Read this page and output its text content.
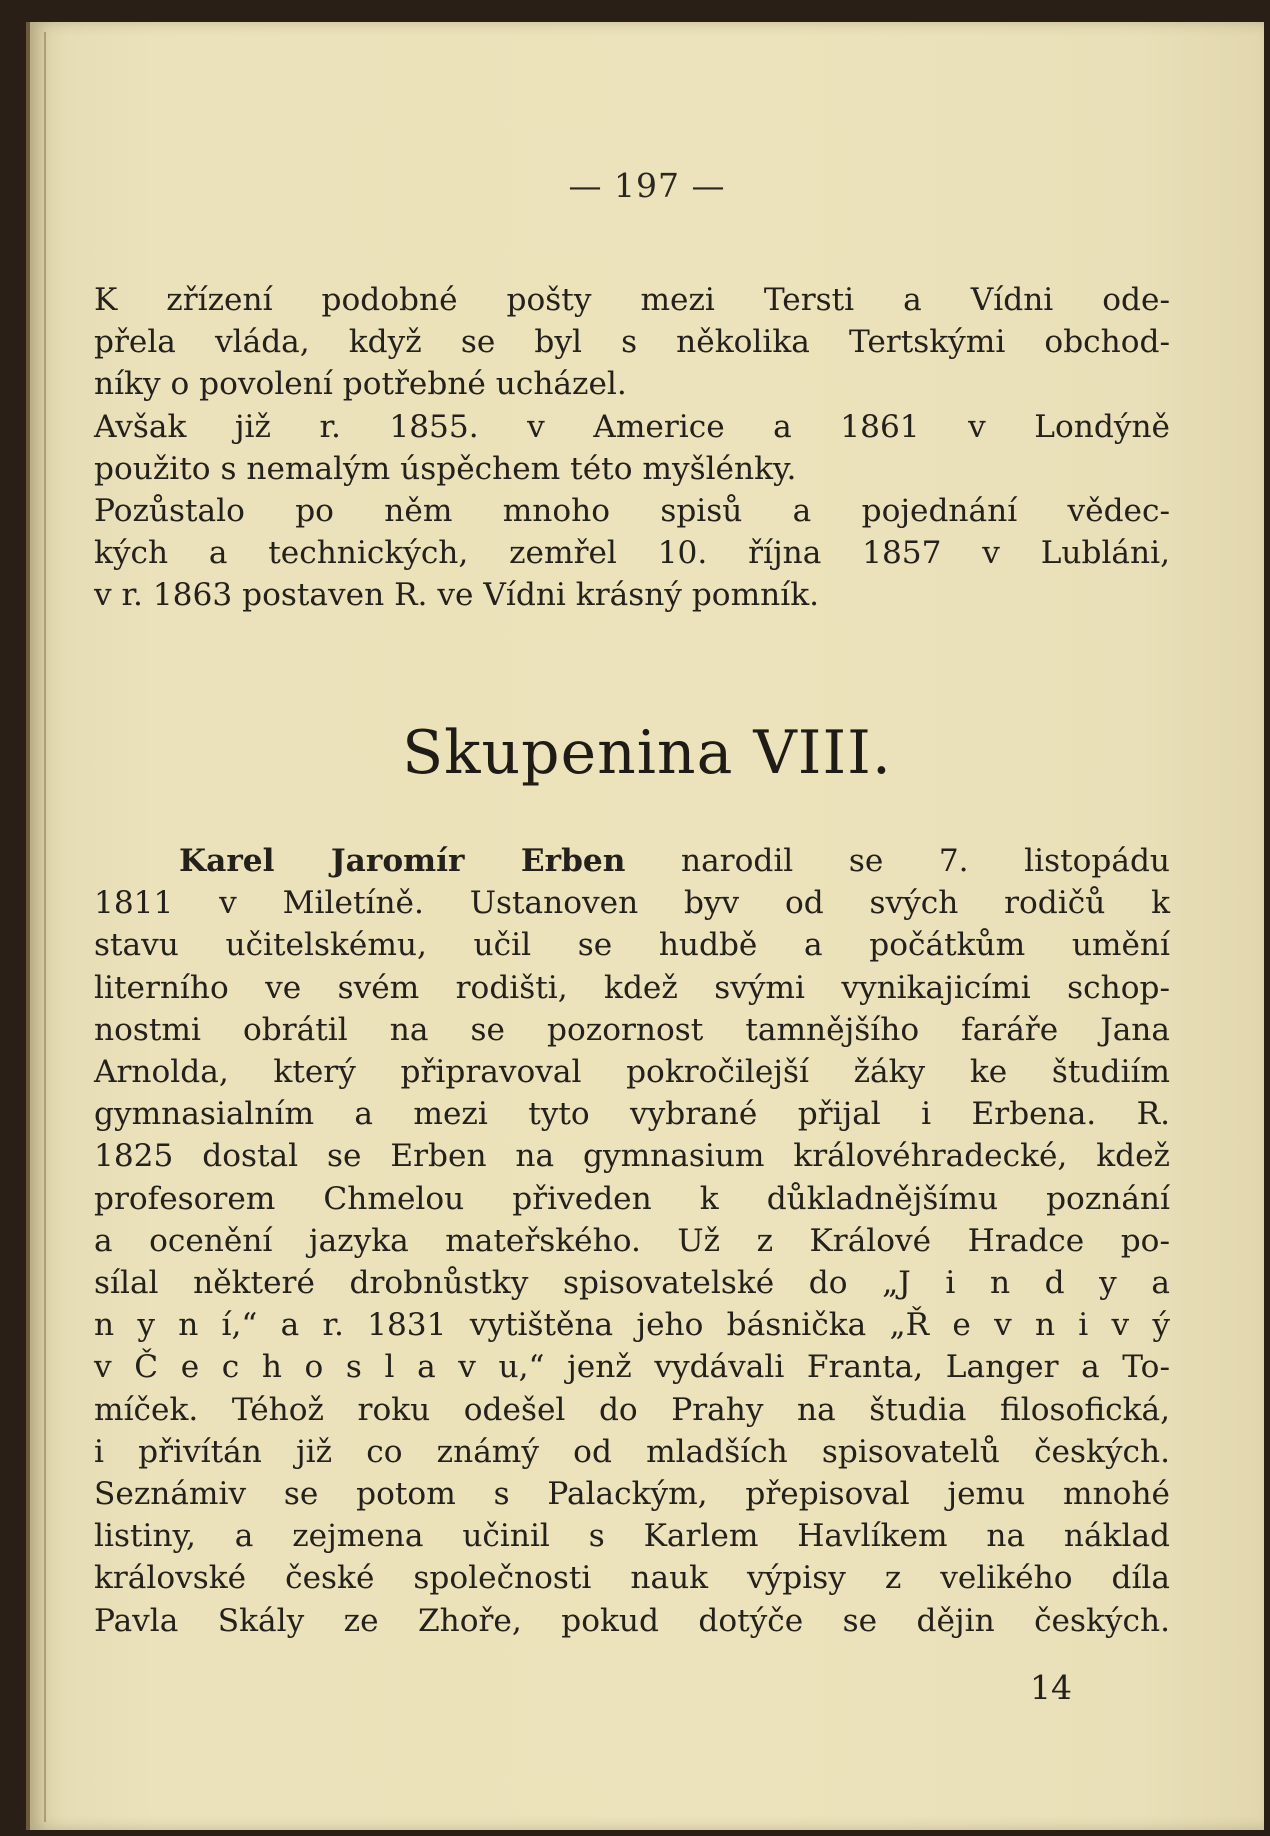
— 197 —

K zřízení podobné pošty mezi Tersti a Vídni ode-
přela vláda, když se byl s několika Tertskými obchod-
níky o povolení potřebné ucházel.
Avšak již r. 1855. v Americe a 1861 v Londýně
použito s nemalým úspěchem této myšlénky.
Pozůstalo po něm mnoho spisů a pojednání vědec-
kých a technických, zemřel 10. října 1857 v Lubláni,
v r. 1863 postaven R. ve Vídni krásný pomník.
Skupenina VIII.
Karel Jaromír Erben narodil se 7. listopádu
1811 v Miletíně. Ustanoven byv od svých rodičů k
stavu učitelskému, učil se hudbě a počátkům umění
literního ve svém rodišti, kdež svými vynikajicími schop-
nostmi obrátil na se pozornost tamnějšího faráře Jana
Arnolda, který připravoval pokročilejší žáky ke študiím
gymnasialním a mezi tyto vybrané přijal i Erbena. R.
1825 dostal se Erben na gymnasium královéhradecké, kdež
profesorem Chmelou přiveden k důkladnějšímu poznání
a ocenění jazyka mateřského. Už z Králové Hradce po-
sílal některé drobnůstky spisovatelské do „J i n d y a
n y n í,“ a r. 1831 vytištěna jeho básnička „Ř e v n i v ý
v Č e c h o s l a v u,“ jenž vydávali Franta, Langer a To-
míček. Téhož roku odešel do Prahy na študia filosofická,
i přivítán již co známý od mladších spisovatelů českých.
Seznámiv se potom s Palackým, přepisoval jemu mnohé
listiny, a zejmena učinil s Karlem Havlíkem na náklad
královské české společnosti nauk výpisy z velikého díla
Pavla Skály ze Zhoře, pokud dotýče se dějin českých.

14
